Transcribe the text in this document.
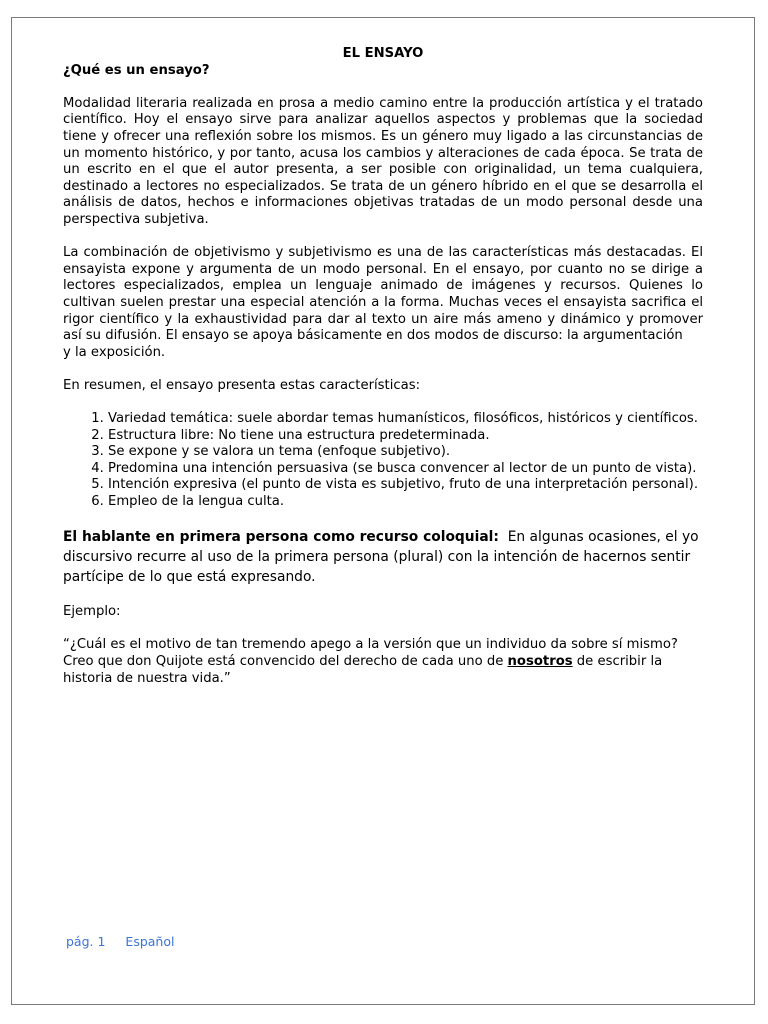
EL ENSAYO

¿Qué es un ensayo?

Modalidad literaria realizada en prosa a medio camino entre la producción artística y el tratado científico. Hoy el ensayo sirve para analizar aquellos aspectos y problemas que la sociedad tiene y ofrecer una reflexión sobre los mismos. Es un género muy ligado a las circunstancias de un momento histórico, y por tanto, acusa los cambios y alteraciones de cada época. Se trata de un escrito en el que el autor presenta, a ser posible con originalidad, un tema cualquiera, destinado a lectores no especializados. Se trata de un género híbrido en el que se desarrolla el análisis de datos, hechos e informaciones objetivas tratadas de un modo personal desde una perspectiva subjetiva.

La combinación de objetivismo y subjetivismo es una de las características más destacadas. El ensayista expone y argumenta de un modo personal. En el ensayo, por cuanto no se dirige a lectores especializados, emplea un lenguaje animado de imágenes y recursos. Quienes lo cultivan suelen prestar una especial atención a la forma. Muchas veces el ensayista sacrifica el rigor científico y la exhaustividad para dar al texto un aire más ameno y dinámico y promover así su difusión. El ensayo se apoya básicamente en dos modos de discurso: la argumentación
y la exposición.

En resumen, el ensayo presenta estas características:

1. Variedad temática: suele abordar temas humanísticos, filosóficos, históricos y científicos.
2. Estructura libre: No tiene una estructura predeterminada.
3. Se expone y se valora un tema (enfoque subjetivo).
4. Predomina una intención persuasiva (se busca convencer al lector de un punto de vista).
5. Intención expresiva (el punto de vista es subjetivo, fruto de una interpretación personal).
6. Empleo de la lengua culta.

El hablante en primera persona como recurso coloquial: En algunas ocasiones, el yo discursivo recurre al uso de la primera persona (plural) con la intención de hacernos sentir partícipe de lo que está expresando.

Ejemplo:

“¿Cuál es el motivo de tan tremendo apego a la versión que un individuo da sobre sí mismo? Creo que don Quijote está convencido del derecho de cada uno de nosotros de escribir la historia de nuestra vida.”

pág. 1 Español
